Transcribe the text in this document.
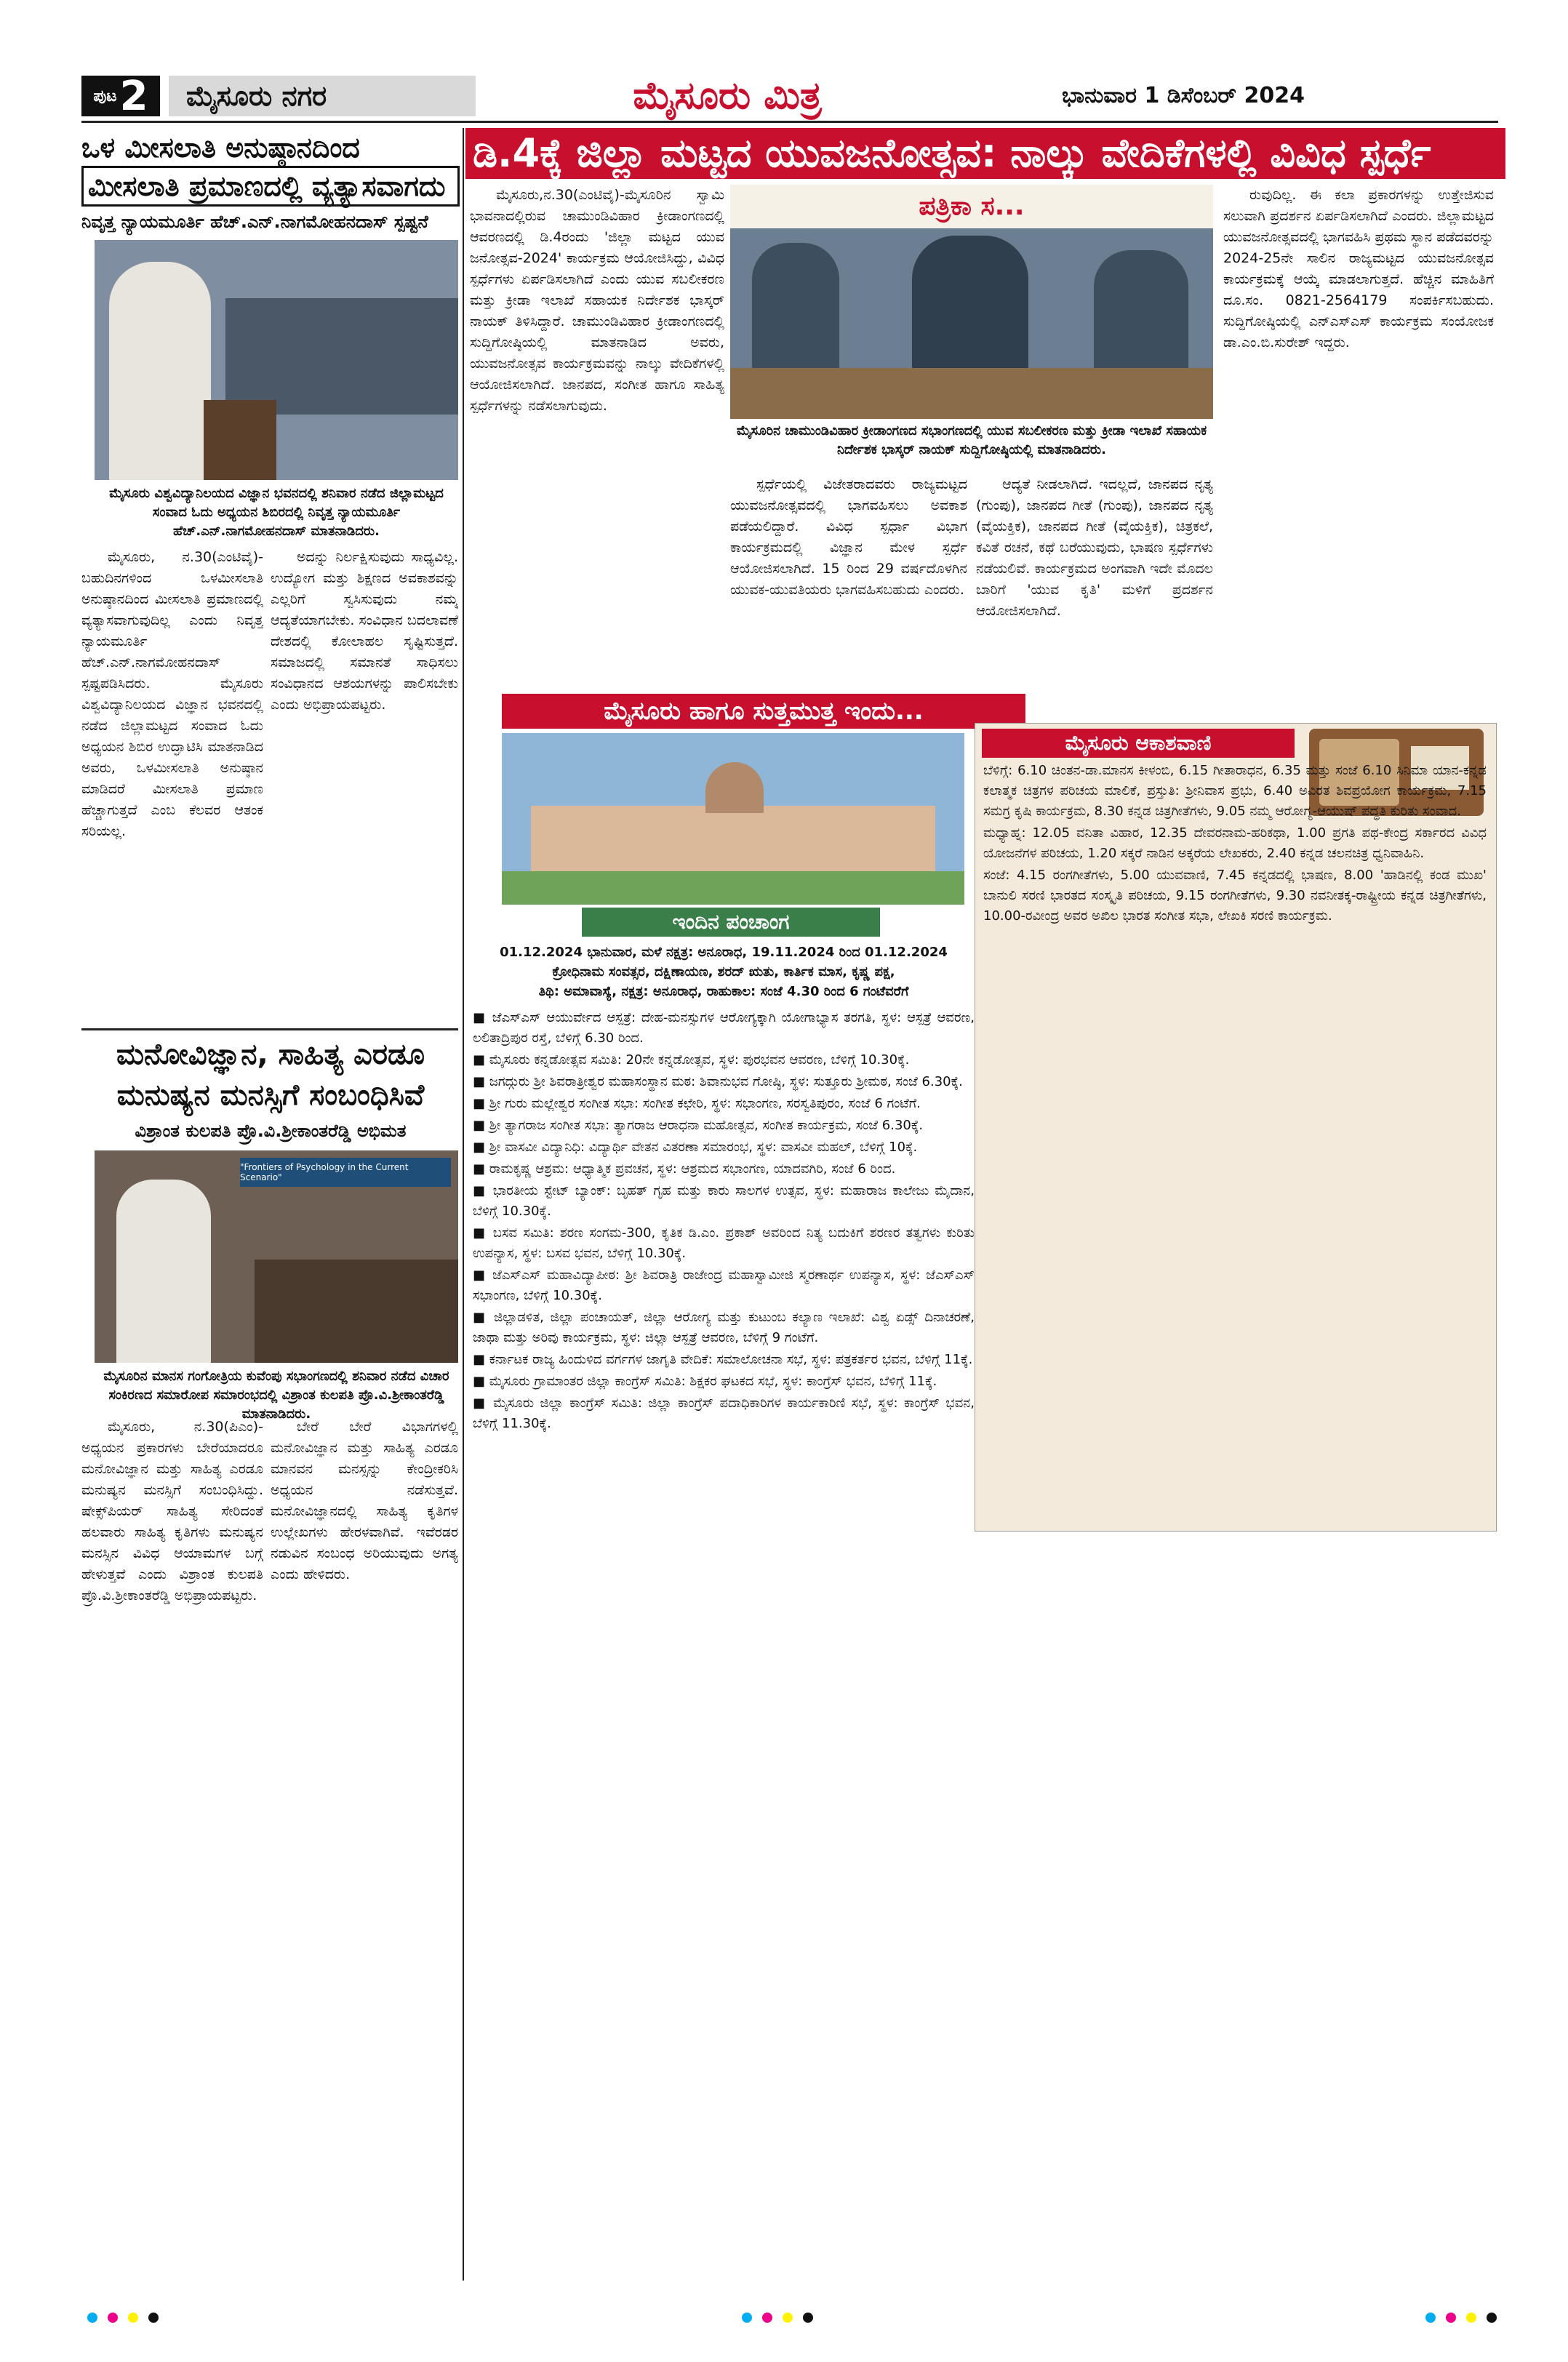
ಪುಟ 2	ಮೈಸೂರು ನಗರ	ಮೈಸೂರು ಮಿತ್ರ	ಭಾನುವಾರ 1 ಡಿಸೆಂಬರ್ 2024
ಡಿ.4ಕ್ಕೆ ಜಿಲ್ಲಾ ಮಟ್ಟದ ಯುವಜನೋತ್ಸವ: ನಾಲ್ಕು ವೇದಿಕೆಗಳಲ್ಲಿ ವಿವಿಧ ಸ್ಪರ್ಧೆ
ಪತ್ರಿಕಾ ಸ...
ಮೈಸೂರಿನ ಚಾಮುಂಡಿವಿಹಾರ ಕ್ರೀಡಾಂಗಣದ ಸಭಾಂಗಣದಲ್ಲಿ ಯುವ ಸಬಲೀಕರಣ ಮತ್ತು ಕ್ರೀಡಾ ಇಲಾಖೆ ಸಹಾಯಕ ನಿರ್ದೇಶಕ ಭಾಸ್ಕರ್ ನಾಯಕ್ ಸುದ್ದಿಗೋಷ್ಠಿಯಲ್ಲಿ ಮಾತನಾಡಿದರು.

ಮೈಸೂರು,ನ.30(ಎಂಟಿವೈ)-ಮೈಸೂರಿನ ಸ್ವಾಮಿ ಭಾವನಾದಲ್ಲಿರುವ ಚಾಮುಂಡಿವಿಹಾರ ಕ್ರೀಡಾಂಗಣದಲ್ಲಿ ಆವರಣದಲ್ಲಿ ಡಿ.4ರಂದು 'ಜಿಲ್ಲಾ ಮಟ್ಟದ ಯುವ ಜನೋತ್ಸವ-2024' ಕಾರ್ಯಕ್ರಮ ಆಯೋಜಿಸಿದ್ದು, ವಿವಿಧ ಸ್ಪರ್ಧೆಗಳು ಏರ್ಪಡಿಸಲಾಗಿದೆ ಎಂದು ಯುವ ಸಬಲೀಕರಣ ಮತ್ತು ಕ್ರೀಡಾ ಇಲಾಖೆ ಸಹಾಯಕ ನಿರ್ದೇಶಕ ಭಾಸ್ಕರ್ ನಾಯಕ್ ತಿಳಿಸಿದ್ದಾರೆ. ಚಾಮುಂಡಿವಿಹಾರ ಕ್ರೀಡಾಂಗಣದಲ್ಲಿ ಸುದ್ದಿಗೋಷ್ಠಿಯಲ್ಲಿ ಮಾತನಾಡಿದ ಅವರು, ಯುವಜನೋತ್ಸವ ಕಾರ್ಯಕ್ರಮವನ್ನು ನಾಲ್ಕು ವೇದಿಕೆಗಳಲ್ಲಿ ಆಯೋಜಿಸಲಾಗಿದೆ. ಜಾನಪದ, ಸಂಗೀತ ಹಾಗೂ ಸಾಹಿತ್ಯ ಸ್ಪರ್ಧೆಗಳನ್ನು ನಡೆಸಲಾಗುವುದು.

ಸ್ಪರ್ಧೆಯಲ್ಲಿ ವಿಜೇತರಾದವರು ರಾಜ್ಯಮಟ್ಟದ ಯುವಜನೋತ್ಸವದಲ್ಲಿ ಭಾಗವಹಿಸಲು ಅವಕಾಶ ಪಡೆಯಲಿದ್ದಾರೆ. ವಿವಿಧ ಸ್ಪರ್ಧಾ ವಿಭಾಗ ಕಾರ್ಯಕ್ರಮದಲ್ಲಿ ವಿಜ್ಞಾನ ಮೇಳ ಸ್ಪರ್ಧೆ ಆಯೋಜಿಸಲಾಗಿದೆ. 15 ರಿಂದ 29 ವರ್ಷದೊಳಗಿನ ಯುವಕ-ಯುವತಿಯರು ಭಾಗವಹಿಸಬಹುದು ಎಂದರು.

ಆದ್ಯತೆ ನೀಡಲಾಗಿದೆ. ಇದಲ್ಲದೆ, ಜಾನಪದ ನೃತ್ಯ (ಗುಂಪು), ಜಾನಪದ ಗೀತೆ (ಗುಂಪು), ಜಾನಪದ ನೃತ್ಯ (ವೈಯಕ್ತಿಕ), ಜಾನಪದ ಗೀತೆ (ವೈಯಕ್ತಿಕ), ಚಿತ್ರಕಲೆ, ಕವಿತೆ ರಚನೆ, ಕಥೆ ಬರೆಯುವುದು, ಭಾಷಣ ಸ್ಪರ್ಧೆಗಳು ನಡೆಯಲಿವೆ. ಕಾರ್ಯಕ್ರಮದ ಅಂಗವಾಗಿ ಇದೇ ಮೊದಲ ಬಾರಿಗೆ 'ಯುವ ಕೃತಿ' ಮಳಿಗೆ ಪ್ರದರ್ಶನ ಆಯೋಜಿಸಲಾಗಿದೆ.

ರುವುದಿಲ್ಲ. ಈ ಕಲಾ ಪ್ರಕಾರಗಳನ್ನು ಉತ್ತೇಜಿಸುವ ಸಲುವಾಗಿ ಪ್ರದರ್ಶನ ಏರ್ಪಡಿಸಲಾಗಿದೆ ಎಂದರು. ಜಿಲ್ಲಾಮಟ್ಟದ ಯುವಜನೋತ್ಸವದಲ್ಲಿ ಭಾಗವಹಿಸಿ ಪ್ರಥಮ ಸ್ಥಾನ ಪಡೆದವರನ್ನು 2024-25ನೇ ಸಾಲಿನ ರಾಜ್ಯಮಟ್ಟದ ಯುವಜನೋತ್ಸವ ಕಾರ್ಯಕ್ರಮಕ್ಕೆ ಆಯ್ಕೆ ಮಾಡಲಾಗುತ್ತದೆ. ಹೆಚ್ಚಿನ ಮಾಹಿತಿಗೆ ದೂ.ಸಂ. 0821-2564179 ಸಂಪರ್ಕಿಸಬಹುದು. ಸುದ್ದಿಗೋಷ್ಠಿಯಲ್ಲಿ ಎನ್‌ಎಸ್‌ಎಸ್ ಕಾರ್ಯಕ್ರಮ ಸಂಯೋಜಕ ಡಾ.ಎಂ.ಬಿ.ಸುರೇಶ್ ಇದ್ದರು.

ಒಳ ಮೀಸಲಾತಿ ಅನುಷ್ಠಾನದಿಂದ
ಮೀಸಲಾತಿ ಪ್ರಮಾಣದಲ್ಲಿ ವ್ಯತ್ಯಾಸವಾಗದು
ನಿವೃತ್ತ ನ್ಯಾಯಮೂರ್ತಿ ಹೆಚ್.ಎನ್.ನಾಗಮೋಹನದಾಸ್ ಸ್ಪಷ್ಟನೆ
ಮೈಸೂರು ವಿಶ್ವವಿದ್ಯಾನಿಲಯದ ವಿಜ್ಞಾನ ಭವನದಲ್ಲಿ ಶನಿವಾರ ನಡೆದ ಜಿಲ್ಲಾಮಟ್ಟದ ಸಂವಾದ ಓದು ಅಧ್ಯಯನ ಶಿಬಿರದಲ್ಲಿ ನಿವೃತ್ತ ನ್ಯಾಯಮೂರ್ತಿ ಹೆಚ್.ಎನ್.ನಾಗಮೋಹನದಾಸ್ ಮಾತನಾಡಿದರು.

ಮೈಸೂರು, ನ.30(ಎಂಟಿವೈ)- ಬಹುದಿನಗಳಿಂದ ಒಳಮೀಸಲಾತಿ ಅನುಷ್ಠಾನದಿಂದ ಮೀಸಲಾತಿ ಪ್ರಮಾಣದಲ್ಲಿ ವ್ಯತ್ಯಾಸವಾಗುವುದಿಲ್ಲ ಎಂದು ನಿವೃತ್ತ ನ್ಯಾಯಮೂರ್ತಿ ಹೆಚ್.ಎನ್.ನಾಗಮೋಹನದಾಸ್ ಸ್ಪಷ್ಟಪಡಿಸಿದರು. ಮೈಸೂರು ವಿಶ್ವವಿದ್ಯಾನಿಲಯದ ವಿಜ್ಞಾನ ಭವನದಲ್ಲಿ ನಡೆದ ಜಿಲ್ಲಾಮಟ್ಟದ ಸಂವಾದ ಓದು ಅಧ್ಯಯನ ಶಿಬಿರ ಉದ್ಘಾಟಿಸಿ ಮಾತನಾಡಿದ ಅವರು, ಒಳಮೀಸಲಾತಿ ಅನುಷ್ಠಾನ ಮಾಡಿದರೆ ಮೀಸಲಾತಿ ಪ್ರಮಾಣ ಹೆಚ್ಚಾಗುತ್ತದೆ ಎಂಬ ಕೆಲವರ ಆತಂಕ ಸರಿಯಲ್ಲ.

ಅದನ್ನು ನಿರ್ಲಕ್ಷಿಸುವುದು ಸಾಧ್ಯವಿಲ್ಲ. ಉದ್ಯೋಗ ಮತ್ತು ಶಿಕ್ಷಣದ ಅವಕಾಶವನ್ನು ಎಲ್ಲರಿಗೆ ಸ್ವಸಿಸುವುದು ನಮ್ಮ ಆದ್ಯತೆಯಾಗಬೇಕು. ಸಂವಿಧಾನ ಬದಲಾವಣೆ ದೇಶದಲ್ಲಿ ಕೋಲಾಹಲ ಸೃಷ್ಟಿಸುತ್ತದೆ. ಸಮಾಜದಲ್ಲಿ ಸಮಾನತೆ ಸಾಧಿಸಲು ಸಂವಿಧಾನದ ಆಶಯಗಳನ್ನು ಪಾಲಿಸಬೇಕು ಎಂದು ಅಭಿಪ್ರಾಯಪಟ್ಟರು.

ಮನೋವಿಜ್ಞಾನ, ಸಾಹಿತ್ಯ ಎರಡೂ
ಮನುಷ್ಯನ ಮನಸ್ಸಿಗೆ ಸಂಬಂಧಿಸಿವೆ
ವಿಶ್ರಾಂತ ಕುಲಪತಿ ಪ್ರೊ.ವಿ.ಶ್ರೀಕಾಂತರೆಡ್ಡಿ ಅಭಿಮತ
"Frontiers of Psychology in the Current Scenario"
ಮೈಸೂರಿನ ಮಾನಸ ಗಂಗೋತ್ರಿಯ ಕುವೆಂಪು ಸಭಾಂಗಣದಲ್ಲಿ ಶನಿವಾರ ನಡೆದ ವಿಚಾರ ಸಂಕಿರಣದ ಸಮಾರೋಪ ಸಮಾರಂಭದಲ್ಲಿ ವಿಶ್ರಾಂತ ಕುಲಪತಿ ಪ್ರೊ.ವಿ.ಶ್ರೀಕಾಂತರೆಡ್ಡಿ ಮಾತನಾಡಿದರು.

ಮೈಸೂರು, ನ.30(ಪಿಎಂ)- ಅಧ್ಯಯನ ಪ್ರಕಾರಗಳು ಬೇರೆಯಾದರೂ ಮನೋವಿಜ್ಞಾನ ಮತ್ತು ಸಾಹಿತ್ಯ ಎರಡೂ ಮನುಷ್ಯನ ಮನಸ್ಸಿಗೆ ಸಂಬಂಧಿಸಿದ್ದು. ಷೇಕ್ಸ್‌ಪಿಯರ್ ಸಾಹಿತ್ಯ ಸೇರಿದಂತೆ ಹಲವಾರು ಸಾಹಿತ್ಯ ಕೃತಿಗಳು ಮನುಷ್ಯನ ಮನಸ್ಸಿನ ವಿವಿಧ ಆಯಾಮಗಳ ಬಗ್ಗೆ ಹೇಳುತ್ತವೆ ಎಂದು ವಿಶ್ರಾಂತ ಕುಲಪತಿ ಪ್ರೊ.ವಿ.ಶ್ರೀಕಾಂತರೆಡ್ಡಿ ಅಭಿಪ್ರಾಯಪಟ್ಟರು.

ಬೇರೆ ಬೇರೆ ವಿಭಾಗಗಳಲ್ಲಿ ಮನೋವಿಜ್ಞಾನ ಮತ್ತು ಸಾಹಿತ್ಯ ಎರಡೂ ಮಾನವನ ಮನಸ್ಸನ್ನು ಕೇಂದ್ರೀಕರಿಸಿ ಅಧ್ಯಯನ ನಡೆಸುತ್ತವೆ. ಮನೋವಿಜ್ಞಾನದಲ್ಲಿ ಸಾಹಿತ್ಯ ಕೃತಿಗಳ ಉಲ್ಲೇಖಗಳು ಹೇರಳವಾಗಿವೆ. ಇವೆರಡರ ನಡುವಿನ ಸಂಬಂಧ ಅರಿಯುವುದು ಅಗತ್ಯ ಎಂದು ಹೇಳಿದರು.

ಮೈಸೂರು ಹಾಗೂ ಸುತ್ತಮುತ್ತ ಇಂದು...
ಇಂದಿನ ಪಂಚಾಂಗ
01.12.2024 ಭಾನುವಾರ, ಮಳೆ ನಕ್ಷತ್ರ: ಅನೂರಾಧ, 19.11.2024 ರಿಂದ 01.12.2024
ಕ್ರೋಧಿನಾಮ ಸಂವತ್ಸರ, ದಕ್ಷಿಣಾಯಣ, ಶರದ್ ಋತು, ಕಾರ್ತಿಕ ಮಾಸ, ಕೃಷ್ಣ ಪಕ್ಷ,
ತಿಥಿ: ಅಮಾವಾಸ್ಯೆ, ನಕ್ಷತ್ರ: ಅನೂರಾಧ, ರಾಹುಕಾಲ: ಸಂಜೆ 4.30 ರಿಂದ 6 ಗಂಟೆವರೆಗೆ

■ ಜೆಎಸ್‌ಎಸ್ ಆಯುರ್ವೇದ ಆಸ್ಪತ್ರೆ: ದೇಹ-ಮನಸ್ಸುಗಳ ಆರೋಗ್ಯಕ್ಕಾಗಿ ಯೋಗಾಭ್ಯಾಸ ತರಗತಿ, ಸ್ಥಳ: ಆಸ್ಪತ್ರೆ ಆವರಣ, ಲಲಿತಾದ್ರಿಪುರ ರಸ್ತೆ, ಬೆಳಿಗ್ಗೆ 6.30 ರಿಂದ.

■ ಮೈಸೂರು ಕನ್ನಡೋತ್ಸವ ಸಮಿತಿ: 20ನೇ ಕನ್ನಡೋತ್ಸವ, ಸ್ಥಳ: ಪುರಭವನ ಆವರಣ, ಬೆಳಿಗ್ಗೆ 10.30ಕ್ಕೆ.

■ ಜಗದ್ಗುರು ಶ್ರೀ ಶಿವರಾತ್ರೀಶ್ವರ ಮಹಾಸಂಸ್ಥಾನ ಮಠ: ಶಿವಾನುಭವ ಗೋಷ್ಠಿ, ಸ್ಥಳ: ಸುತ್ತೂರು ಶ್ರೀಮಠ, ಸಂಜೆ 6.30ಕ್ಕೆ.

■ ಶ್ರೀ ಗುರು ಮಲ್ಲೇಶ್ವರ ಸಂಗೀತ ಸಭಾ: ಸಂಗೀತ ಕಛೇರಿ, ಸ್ಥಳ: ಸಭಾಂಗಣ, ಸರಸ್ವತಿಪುರಂ, ಸಂಜೆ 6 ಗಂಟೆಗೆ.

■ ಶ್ರೀ ತ್ಯಾಗರಾಜ ಸಂಗೀತ ಸಭಾ: ತ್ಯಾಗರಾಜ ಆರಾಧನಾ ಮಹೋತ್ಸವ, ಸಂಗೀತ ಕಾರ್ಯಕ್ರಮ, ಸಂಜೆ 6.30ಕ್ಕೆ.

■ ಶ್ರೀ ವಾಸವೀ ವಿದ್ಯಾನಿಧಿ: ವಿದ್ಯಾರ್ಥಿ ವೇತನ ವಿತರಣಾ ಸಮಾರಂಭ, ಸ್ಥಳ: ವಾಸವೀ ಮಹಲ್, ಬೆಳಿಗ್ಗೆ 10ಕ್ಕೆ.

■ ರಾಮಕೃಷ್ಣ ಆಶ್ರಮ: ಆಧ್ಯಾತ್ಮಿಕ ಪ್ರವಚನ, ಸ್ಥಳ: ಆಶ್ರಮದ ಸಭಾಂಗಣ, ಯಾದವಗಿರಿ, ಸಂಜೆ 6 ರಿಂದ.

■ ಭಾರತೀಯ ಸ್ಟೇಟ್ ಬ್ಯಾಂಕ್: ಬೃಹತ್ ಗೃಹ ಮತ್ತು ಕಾರು ಸಾಲಗಳ ಉತ್ಸವ, ಸ್ಥಳ: ಮಹಾರಾಜ ಕಾಲೇಜು ಮೈದಾನ, ಬೆಳಿಗ್ಗೆ 10.30ಕ್ಕೆ.

■ ಬಸವ ಸಮಿತಿ: ಶರಣ ಸಂಗಮ-300, ಕೃತಿಕ ಡಿ.ಎಂ. ಪ್ರಕಾಶ್ ಅವರಿಂದ ನಿತ್ಯ ಬದುಕಿಗೆ ಶರಣರ ತತ್ವಗಳು ಕುರಿತು ಉಪನ್ಯಾಸ, ಸ್ಥಳ: ಬಸವ ಭವನ, ಬೆಳಿಗ್ಗೆ 10.30ಕ್ಕೆ.

■ ಜೆಎಸ್‌ಎಸ್ ಮಹಾವಿದ್ಯಾಪೀಠ: ಶ್ರೀ ಶಿವರಾತ್ರಿ ರಾಜೇಂದ್ರ ಮಹಾಸ್ವಾಮೀಜಿ ಸ್ಮರಣಾರ್ಥ ಉಪನ್ಯಾಸ, ಸ್ಥಳ: ಜೆಎಸ್‌ಎಸ್ ಸಭಾಂಗಣ, ಬೆಳಿಗ್ಗೆ 10.30ಕ್ಕೆ.

■ ಜಿಲ್ಲಾಡಳಿತ, ಜಿಲ್ಲಾ ಪಂಚಾಯತ್, ಜಿಲ್ಲಾ ಆರೋಗ್ಯ ಮತ್ತು ಕುಟುಂಬ ಕಲ್ಯಾಣ ಇಲಾಖೆ: ವಿಶ್ವ ಏಡ್ಸ್ ದಿನಾಚರಣೆ, ಜಾಥಾ ಮತ್ತು ಅರಿವು ಕಾರ್ಯಕ್ರಮ, ಸ್ಥಳ: ಜಿಲ್ಲಾ ಆಸ್ಪತ್ರೆ ಆವರಣ, ಬೆಳಿಗ್ಗೆ 9 ಗಂಟೆಗೆ.

■ ಕರ್ನಾಟಕ ರಾಜ್ಯ ಹಿಂದುಳಿದ ವರ್ಗಗಳ ಜಾಗೃತಿ ವೇದಿಕೆ: ಸಮಾಲೋಚನಾ ಸಭೆ, ಸ್ಥಳ: ಪತ್ರಕರ್ತರ ಭವನ, ಬೆಳಿಗ್ಗೆ 11ಕ್ಕೆ.

■ ಮೈಸೂರು ಗ್ರಾಮಾಂತರ ಜಿಲ್ಲಾ ಕಾಂಗ್ರೆಸ್ ಸಮಿತಿ: ಶಿಕ್ಷಕರ ಘಟಕದ ಸಭೆ, ಸ್ಥಳ: ಕಾಂಗ್ರೆಸ್ ಭವನ, ಬೆಳಿಗ್ಗೆ 11ಕ್ಕೆ.

■ ಮೈಸೂರು ಜಿಲ್ಲಾ ಕಾಂಗ್ರೆಸ್ ಸಮಿತಿ: ಜಿಲ್ಲಾ ಕಾಂಗ್ರೆಸ್ ಪದಾಧಿಕಾರಿಗಳ ಕಾರ್ಯಕಾರಿಣಿ ಸಭೆ, ಸ್ಥಳ: ಕಾಂಗ್ರೆಸ್ ಭವನ, ಬೆಳಿಗ್ಗೆ 11.30ಕ್ಕೆ.

ಮೈಸೂರು ಆಕಾಶವಾಣಿ

ಬೆಳಿಗ್ಗೆ: 6.10 ಚಿಂತನ-ಡಾ.ಮಾನಸ ಕೀಳಂಬಿ, 6.15 ಗೀತಾರಾಧನ, 6.35 ಮತ್ತು ಸಂಜೆ 6.10 ಸಿನಿಮಾ ಯಾನ-ಕನ್ನಡ ಕಲಾತ್ಮಕ ಚಿತ್ರಗಳ ಪರಿಚಯ ಮಾಲಿಕೆ, ಪ್ರಸ್ತುತಿ: ಶ್ರೀನಿವಾಸ ಪ್ರಭು, 6.40 ಅವಿರತ ಶಿವಪ್ರಯೋಗ ಕಾರ್ಯಕ್ರಮ, 7.15 ಸಮಗ್ರ ಕೃಷಿ ಕಾರ್ಯಕ್ರಮ, 8.30 ಕನ್ನಡ ಚಿತ್ರಗೀತೆಗಳು, 9.05 ನಮ್ಮ ಆರೋಗ್ಯ-ಆಯುಷ್ ಪದ್ಧತಿ ಕುರಿತು ಸಂವಾದ.

ಮಧ್ಯಾಹ್ನ: 12.05 ವನಿತಾ ವಿಹಾರ, 12.35 ದೇವರನಾಮ-ಹರಿಕಥಾ, 1.00 ಪ್ರಗತಿ ಪಥ-ಕೇಂದ್ರ ಸರ್ಕಾರದ ವಿವಿಧ ಯೋಜನೆಗಳ ಪರಿಚಯ, 1.20 ಸಕ್ಕರೆ ನಾಡಿನ ಅಕ್ಕರೆಯ ಲೇಖಕರು, 2.40 ಕನ್ನಡ ಚಲನಚಿತ್ರ ಧ್ವನಿವಾಹಿನಿ.

ಸಂಜೆ: 4.15 ರಂಗಗೀತೆಗಳು, 5.00 ಯುವವಾಣಿ, 7.45 ಕನ್ನಡದಲ್ಲಿ ಭಾಷಣ, 8.00 'ಹಾಡಿನಲ್ಲಿ ಕಂಡ ಮುಖ' ಬಾನುಲಿ ಸರಣಿ ಭಾರತದ ಸಂಸ್ಕೃತಿ ಪರಿಚಯ, 9.15 ರಂಗಗೀತೆಗಳು, 9.30 ನವನೀತಕ್ಕ-ರಾಷ್ಟ್ರೀಯ ಕನ್ನಡ ಚಿತ್ರಗೀತೆಗಳು, 10.00-ರವೀಂದ್ರ ಅವರ ಅಖಿಲ ಭಾರತ ಸಂಗೀತ ಸಭಾ, ಲೇಖಕಿ ಸರಣಿ ಕಾರ್ಯಕ್ರಮ.
